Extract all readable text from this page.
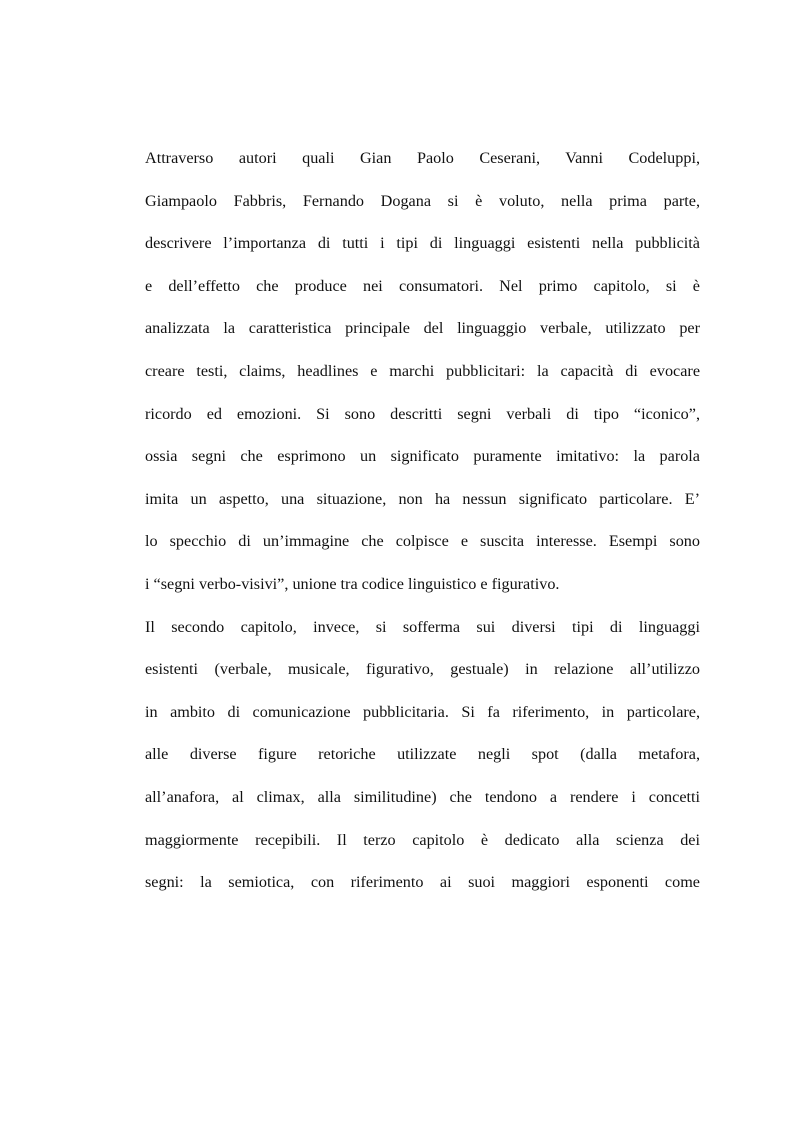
Attraverso autori quali Gian Paolo Ceserani, Vanni Codeluppi,
Giampaolo Fabbris, Fernando Dogana si è voluto, nella prima parte,
descrivere l’importanza di tutti i tipi di linguaggi esistenti nella pubblicità
e dell’effetto che produce nei consumatori. Nel primo capitolo, si è
analizzata la caratteristica principale del linguaggio verbale, utilizzato per
creare testi, claims, headlines e marchi pubblicitari: la capacità di evocare
ricordo ed emozioni. Si sono descritti segni verbali di tipo “iconico”,
ossia segni che esprimono un significato puramente imitativo: la parola
imita un aspetto, una situazione, non ha nessun significato particolare. E’
lo specchio di un’immagine che colpisce e suscita interesse. Esempi sono
i “segni verbo-visivi”, unione tra codice linguistico e figurativo.
Il secondo capitolo, invece, si sofferma sui diversi tipi di linguaggi
esistenti (verbale, musicale, figurativo, gestuale) in relazione all’utilizzo
in ambito di comunicazione pubblicitaria. Si fa riferimento, in particolare,
alle diverse figure retoriche utilizzate negli spot (dalla metafora,
all’anafora, al climax, alla similitudine) che tendono a rendere i concetti
maggiormente recepibili. Il terzo capitolo è dedicato alla scienza dei
segni: la semiotica, con riferimento ai suoi maggiori esponenti come
